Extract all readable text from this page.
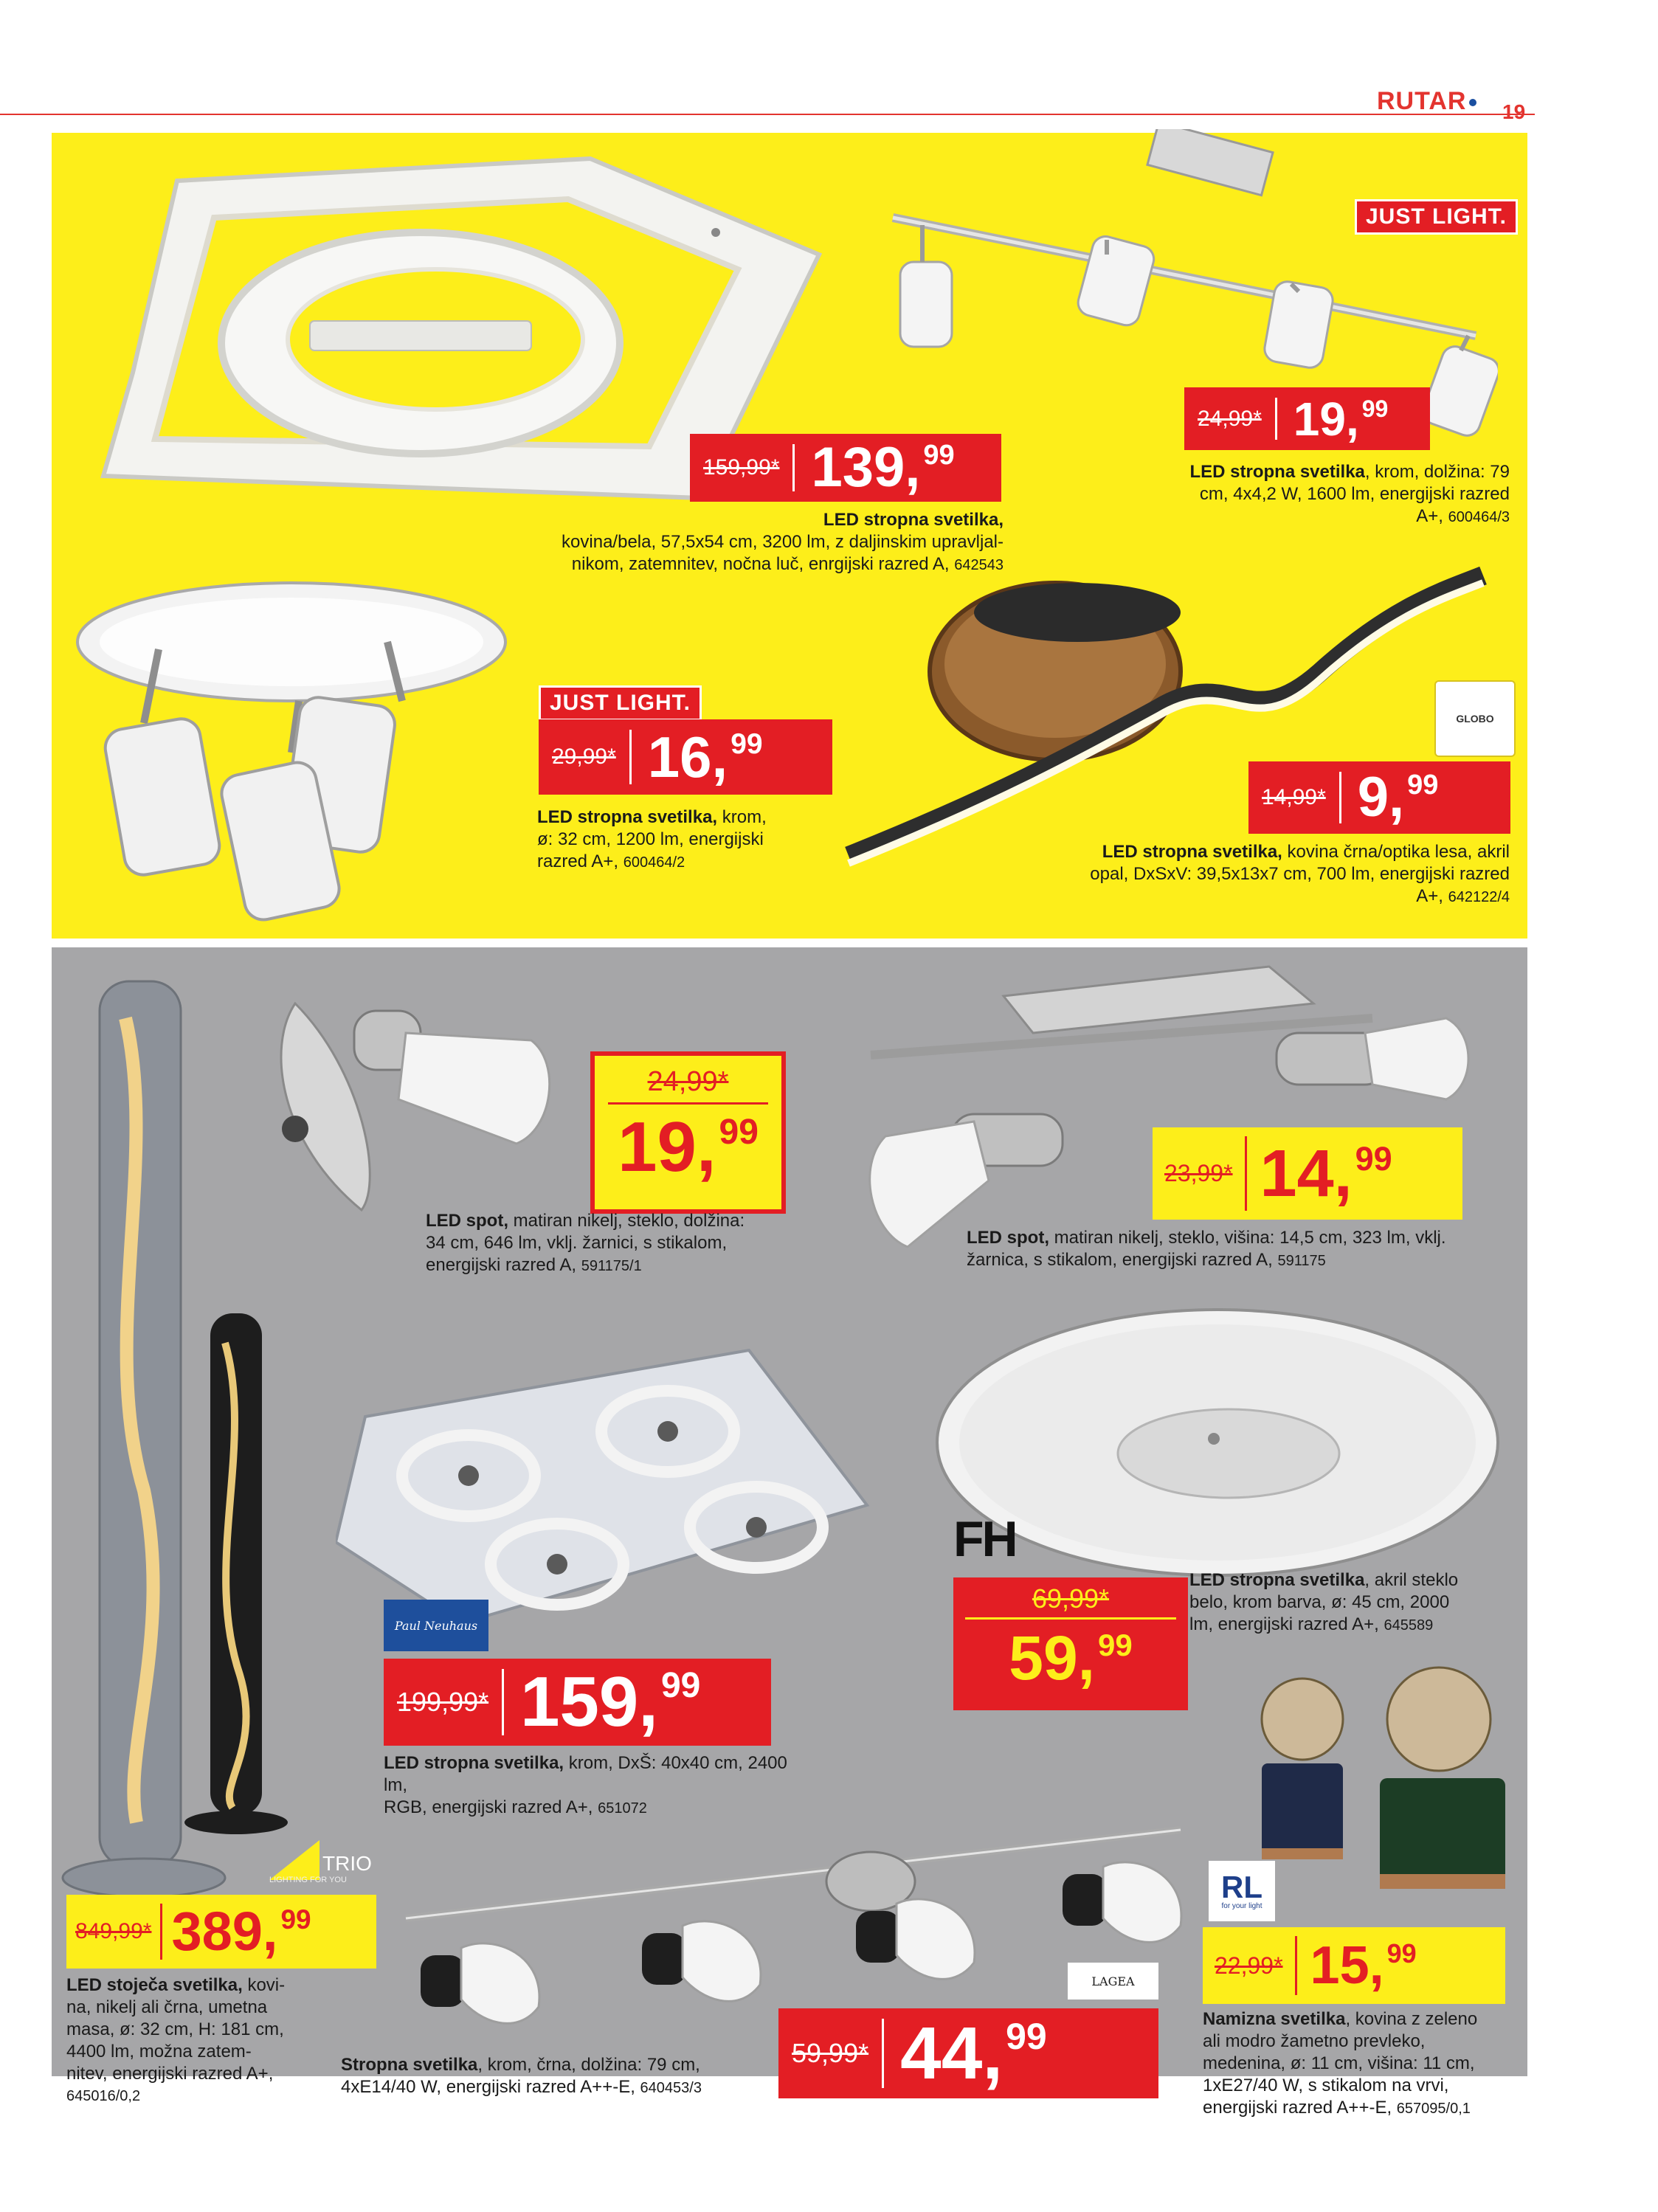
RUTAR	19
JUST LIGHT.
JUST LIGHT.
GLOBO
159,99* 139, 99
LED stropna svetilka,
kovina/bela, 57,5x54 cm, 3200 lm, z daljinskim upravljal-
nikom, zatemnitev, nočna luč, enrgijski razred A, 642543
24,99* 19, 99
LED stropna svetilka, krom, dolžina: 79
cm, 4x4,2 W, 1600 lm, energijski razred
A+, 600464/3
29,99* 16, 99
LED stropna svetilka, krom,
ø: 32 cm, 1200 lm, energijski
razred A+, 600464/2
14,99* 9, 99
LED stropna svetilka, kovina črna/optika lesa, akril
opal, DxSxV: 39,5x13x7 cm, 700 lm, energijski razred
A+, 642122/4
TRIO
LIGHTING FOR YOU
Paul Neuhaus
FH
LAGEA
RL
for your light
24,99*
19, 99
LED spot, matiran nikelj, steklo, dolžina:
34 cm, 646 lm, vklj. žarnici, s stikalom,
energijski razred A, 591175/1
23,99* 14, 99
LED spot, matiran nikelj, steklo, višina: 14,5 cm, 323 lm, vklj.
žarnica, s stikalom, energijski razred A, 591175
199,99* 159, 99
LED stropna svetilka, krom, DxŠ: 40x40 cm, 2400 lm,
RGB, energijski razred A+, 651072
69,99*
59, 99
LED stropna svetilka, akril steklo
belo, krom barva, ø: 45 cm, 2000
lm, energijski razred A+, 645589
849,99* 389, 99
LED stoječa svetilka, kovi-
na, nikelj ali črna, umetna
masa, ø: 32 cm, H: 181 cm,
4400 lm, možna zatem-
nitev, energijski razred A+,
645016/0,2
Stropna svetilka, krom, črna, dolžina: 79 cm,
4xE14/40 W, energijski razred A++-E, 640453/3
59,99* 44, 99
22,99* 15, 99
Namizna svetilka, kovina z zeleno
ali modro žametno prevleko,
medenina, ø: 11 cm, višina: 11 cm,
1xE27/40 W, s stikalom na vrvi,
energijski razred A++-E, 657095/0,1
